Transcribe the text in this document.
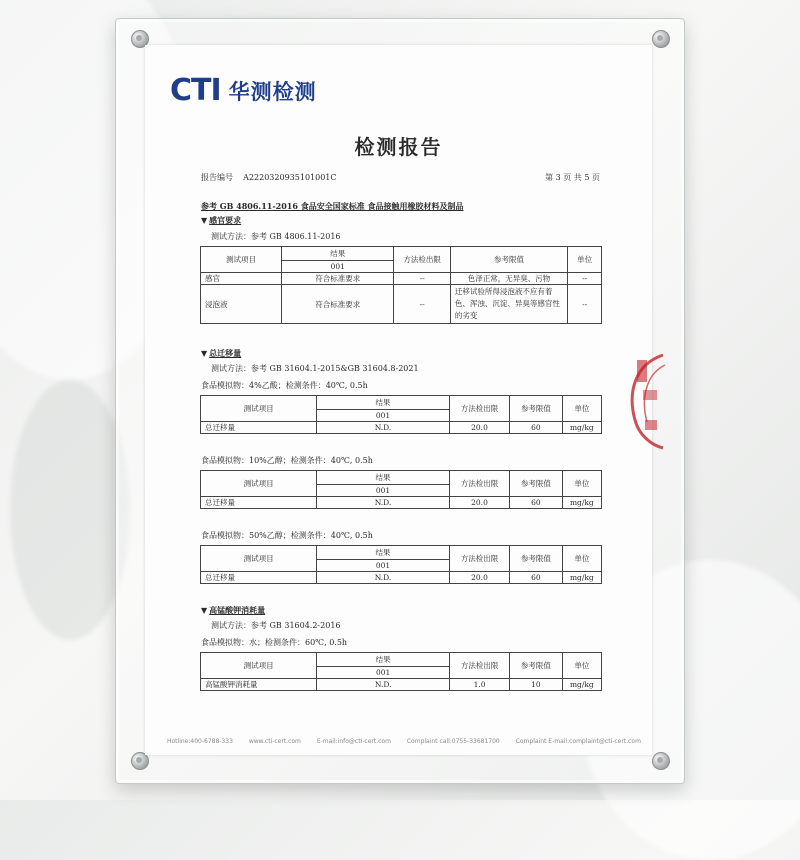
CTI 华测检测
检测报告
报告编号 A2220320935101001C	第 3 页 共 5 页
参考 GB 4806.11-2016 食品安全国家标准 食品接触用橡胶材料及制品
▼ 感官要求
测试方法：参考 GB 4806.11-2016
测试项目	结果	方法检出限	参考限值	单位
	001			
感官	符合标准要求	--	色泽正常，无异臭、污物	--
浸泡液	符合标准要求	--	迁移试验所得浸泡液不应有着色、浑浊、沉淀、异臭等感官性的劣变	--
▼ 总迁移量
测试方法：参考 GB 31604.1-2015&GB 31604.8-2021
食品模拟物：4%乙酸；检测条件：40℃, 0.5h
测试项目	结果	方法检出限	参考限值	单位
	001			
总迁移量	N.D.	20.0	60	mg/kg
食品模拟物：10%乙醇；检测条件：40℃, 0.5h
测试项目	结果	方法检出限	参考限值	单位
	001			
总迁移量	N.D.	20.0	60	mg/kg
食品模拟物：50%乙醇；检测条件：40℃, 0.5h
测试项目	结果	方法检出限	参考限值	单位
	001			
总迁移量	N.D.	20.0	60	mg/kg
▼ 高锰酸钾消耗量
测试方法：参考 GB 31604.2-2016
食品模拟物：水；检测条件：60℃, 0.5h
测试项目	结果	方法检出限	参考限值	单位
	001			
高锰酸钾消耗量	N.D.	1.0	10	mg/kg
Hotline:400-6788-333	www.cti-cert.com	E-mail:info@cti-cert.com	Complaint call:0755-33681700	Complaint E-mail:complaint@cti-cert.com
